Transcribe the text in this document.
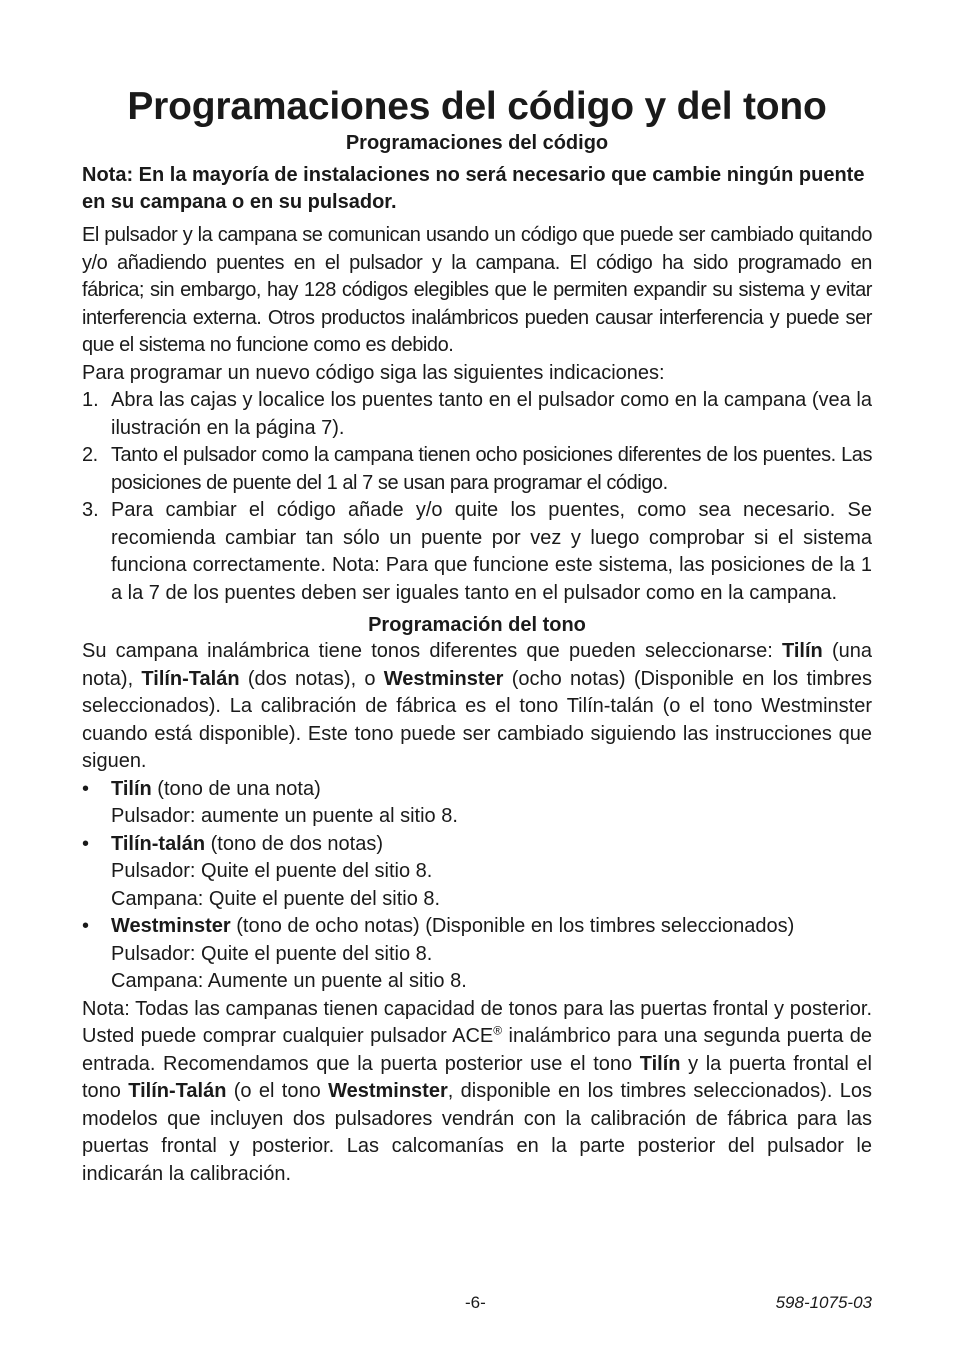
Programaciones del código y del tono
Programaciones del código
Nota: En la mayoría de instalaciones no será necesario que cambie ningún puente en su campana o en su pulsador.

El pulsador y la campana se comunican usando un código que puede ser cambiado quitando y/o añadiendo puentes en el pulsador y la campana. El código ha sido programado en fábrica; sin embargo, hay 128 códigos elegibles que le permiten expandir su sistema y evitar interferencia externa. Otros productos inalámbricos pueden causar interferencia y puede ser que el sistema no funcione como es debido.

Para programar un nuevo código siga las siguientes indicaciones:

1. Abra las cajas y localice los puentes tanto en el pulsador como en la campana (vea la ilustración en la página 7).
2. Tanto el pulsador como la campana tienen ocho posiciones diferentes de los puentes. Las posiciones de puente del 1 al 7 se usan para programar el código.
3. Para cambiar el código añade y/o quite los puentes, como sea necesario. Se recomienda cambiar tan sólo un puente por vez y luego comprobar si el sistema funciona correctamente. Nota: Para que funcione este sistema, las posiciones de la 1 a la 7 de los puentes deben ser iguales tanto en el pulsador como en la campana.
Programación del tono

Su campana inalámbrica tiene tonos diferentes que pueden seleccionarse: Tilín (una nota), Tilín-Talán (dos notas), o Westminster (ocho notas) (Disponible en los timbres seleccionados). La calibración de fábrica es el tono Tilín-talán (o el tono Westminster cuando está disponible). Este tono puede ser cambiado siguiendo las instrucciones que siguen.

• Tilín (tono de una nota)
Pulsador: aumente un puente al sitio 8.
• Tilín-talán (tono de dos notas)
Pulsador: Quite el puente del sitio 8.
Campana: Quite el puente del sitio 8.
• Westminster (tono de ocho notas) (Disponible en los timbres seleccionados)
Pulsador: Quite el puente del sitio 8.
Campana: Aumente un puente al sitio 8.

Nota: Todas las campanas tienen capacidad de tonos para las puertas frontal y posterior. Usted puede comprar cualquier pulsador ACE® inalámbrico para una segunda puerta de entrada. Recomendamos que la puerta posterior use el tono Tilín y la puerta frontal el tono Tilín-Talán (o el tono Westminster, disponible en los timbres seleccionados). Los modelos que incluyen dos pulsadores vendrán con la calibración de fábrica para las puertas frontal y posterior. Las calcomanías en la parte posterior del pulsador le indicarán la calibración.

-6-	598-1075-03
